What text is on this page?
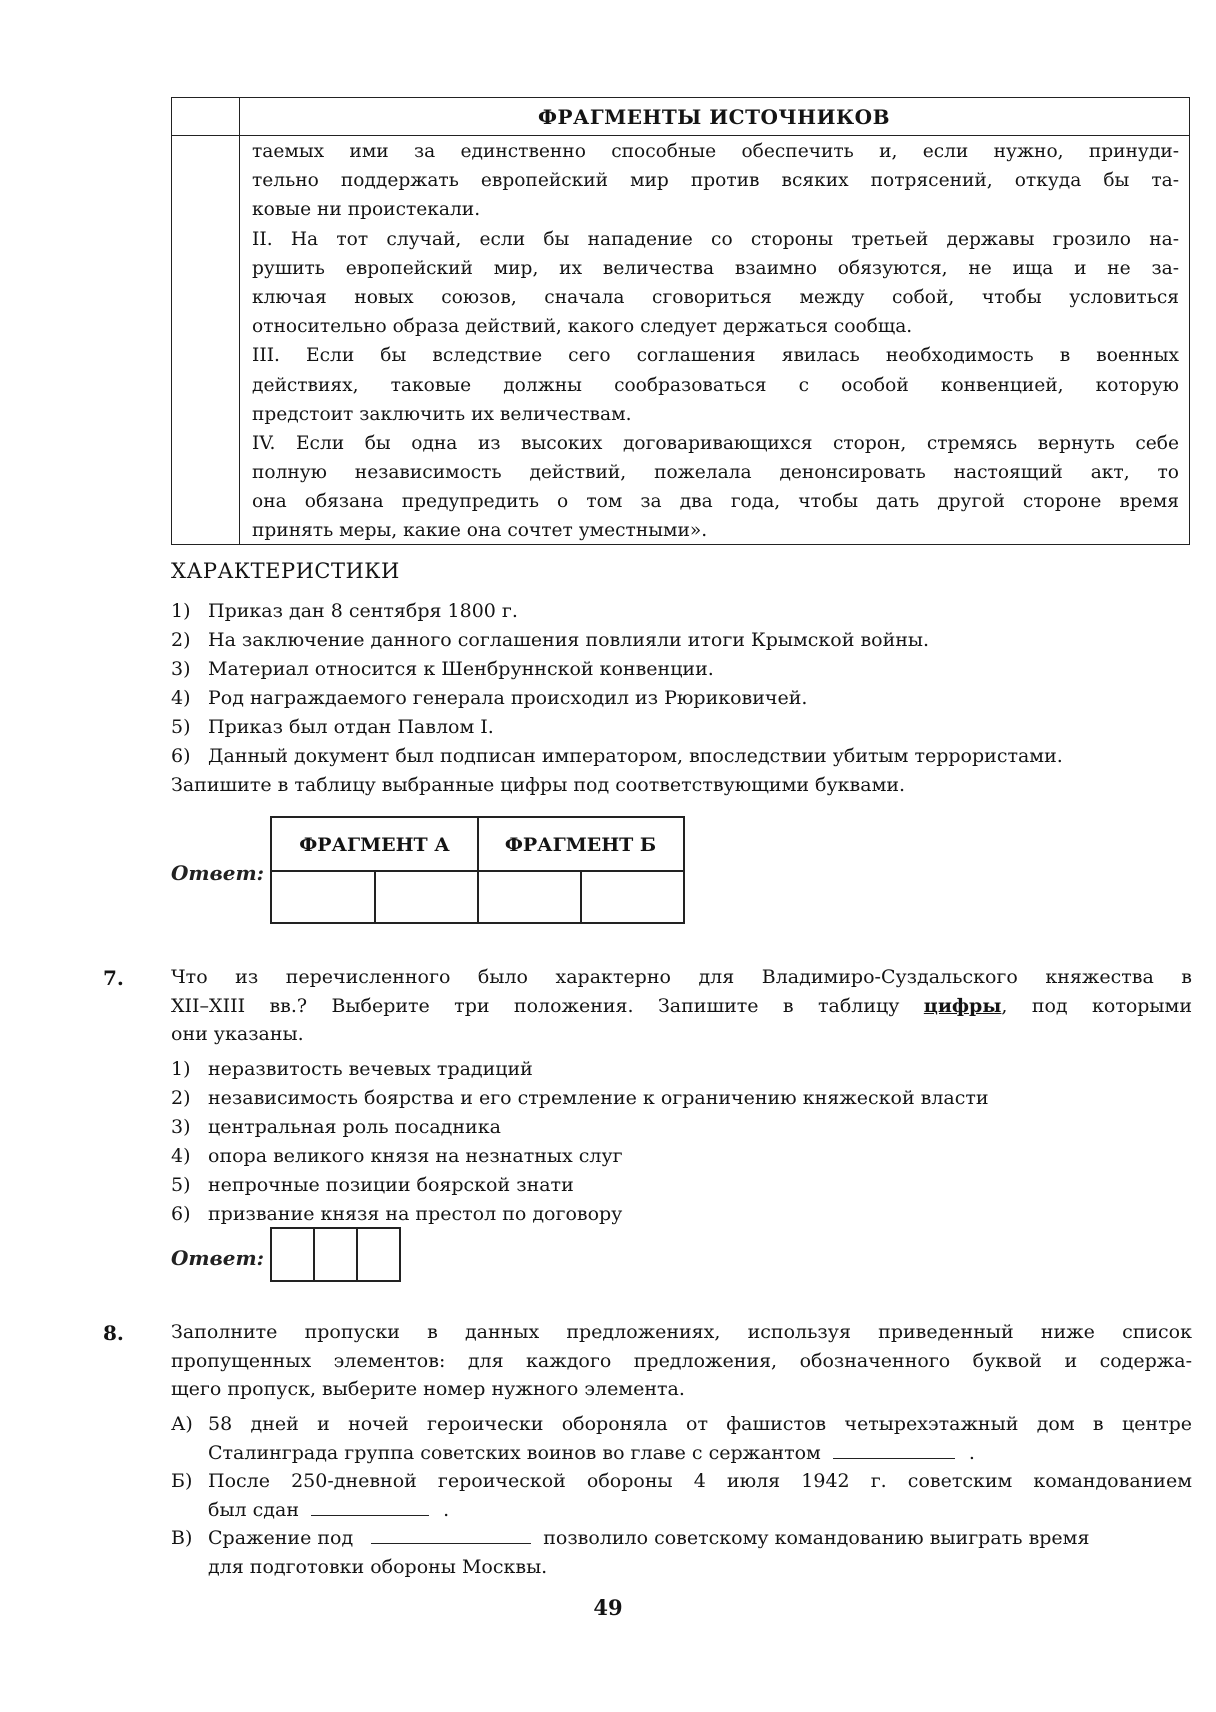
ФРАГМЕНТЫ ИСТОЧНИКОВ
таемых ими за единственно способные обеспечить и, если нужно, принуди-
тельно поддержать европейский мир против всяких потрясений, откуда бы та-
ковые ни проистекали.
II. На тот случай, если бы нападение со стороны третьей державы грозило на-
рушить европейский мир, их величества взаимно обязуются, не ища и не за-
ключая новых союзов, сначала сговориться между собой, чтобы условиться
относительно образа действий, какого следует держаться сообща.
III. Если бы вследствие сего соглашения явилась необходимость в военных
действиях, таковые должны сообразоваться с особой конвенцией, которую
предстоит заключить их величествам.
IV. Если бы одна из высоких договаривающихся сторон, стремясь вернуть себе
полную независимость действий, пожелала денонсировать настоящий акт, то
она обязана предупредить о том за два года, чтобы дать другой стороне время
принять меры, какие она сочтет уместными».
ХАРАКТЕРИСТИКИ
1) Приказ дан 8 сентября 1800 г.
2) На заключение данного соглашения повлияли итоги Крымской войны.
3) Материал относится к Шенбруннской конвенции.
4) Род награждаемого генерала происходил из Рюриковичей.
5) Приказ был отдан Павлом I.
6) Данный документ был подписан императором, впоследствии убитым террористами.
Запишите в таблицу выбранные цифры под соответствующими буквами.
Ответ:
ФРАГМЕНТ А	ФРАГМЕНТ Б
7. Что из перечисленного было характерно для Владимиро-Суздальского княжества в
XII–XIII вв.? Выберите три положения. Запишите в таблицу цифры, под которыми
они указаны.
1) неразвитость вечевых традиций
2) независимость боярства и его стремление к ограничению княжеской власти
3) центральная роль посадника
4) опора великого князя на незнатных слуг
5) непрочные позиции боярской знати
6) призвание князя на престол по договору
Ответ:
8. Заполните пропуски в данных предложениях, используя приведенный ниже список
пропущенных элементов: для каждого предложения, обозначенного буквой и содержа-
щего пропуск, выберите номер нужного элемента.
А) 58 дней и ночей героически обороняла от фашистов четырехэтажный дом в центре
Сталинграда группа советских воинов во главе с сержантом	.
Б) После 250-дневной героической обороны 4 июля 1942 г. советским командованием
был сдан	.
В) Сражение под	позволило советскому командованию выиграть время
для подготовки обороны Москвы.
49
